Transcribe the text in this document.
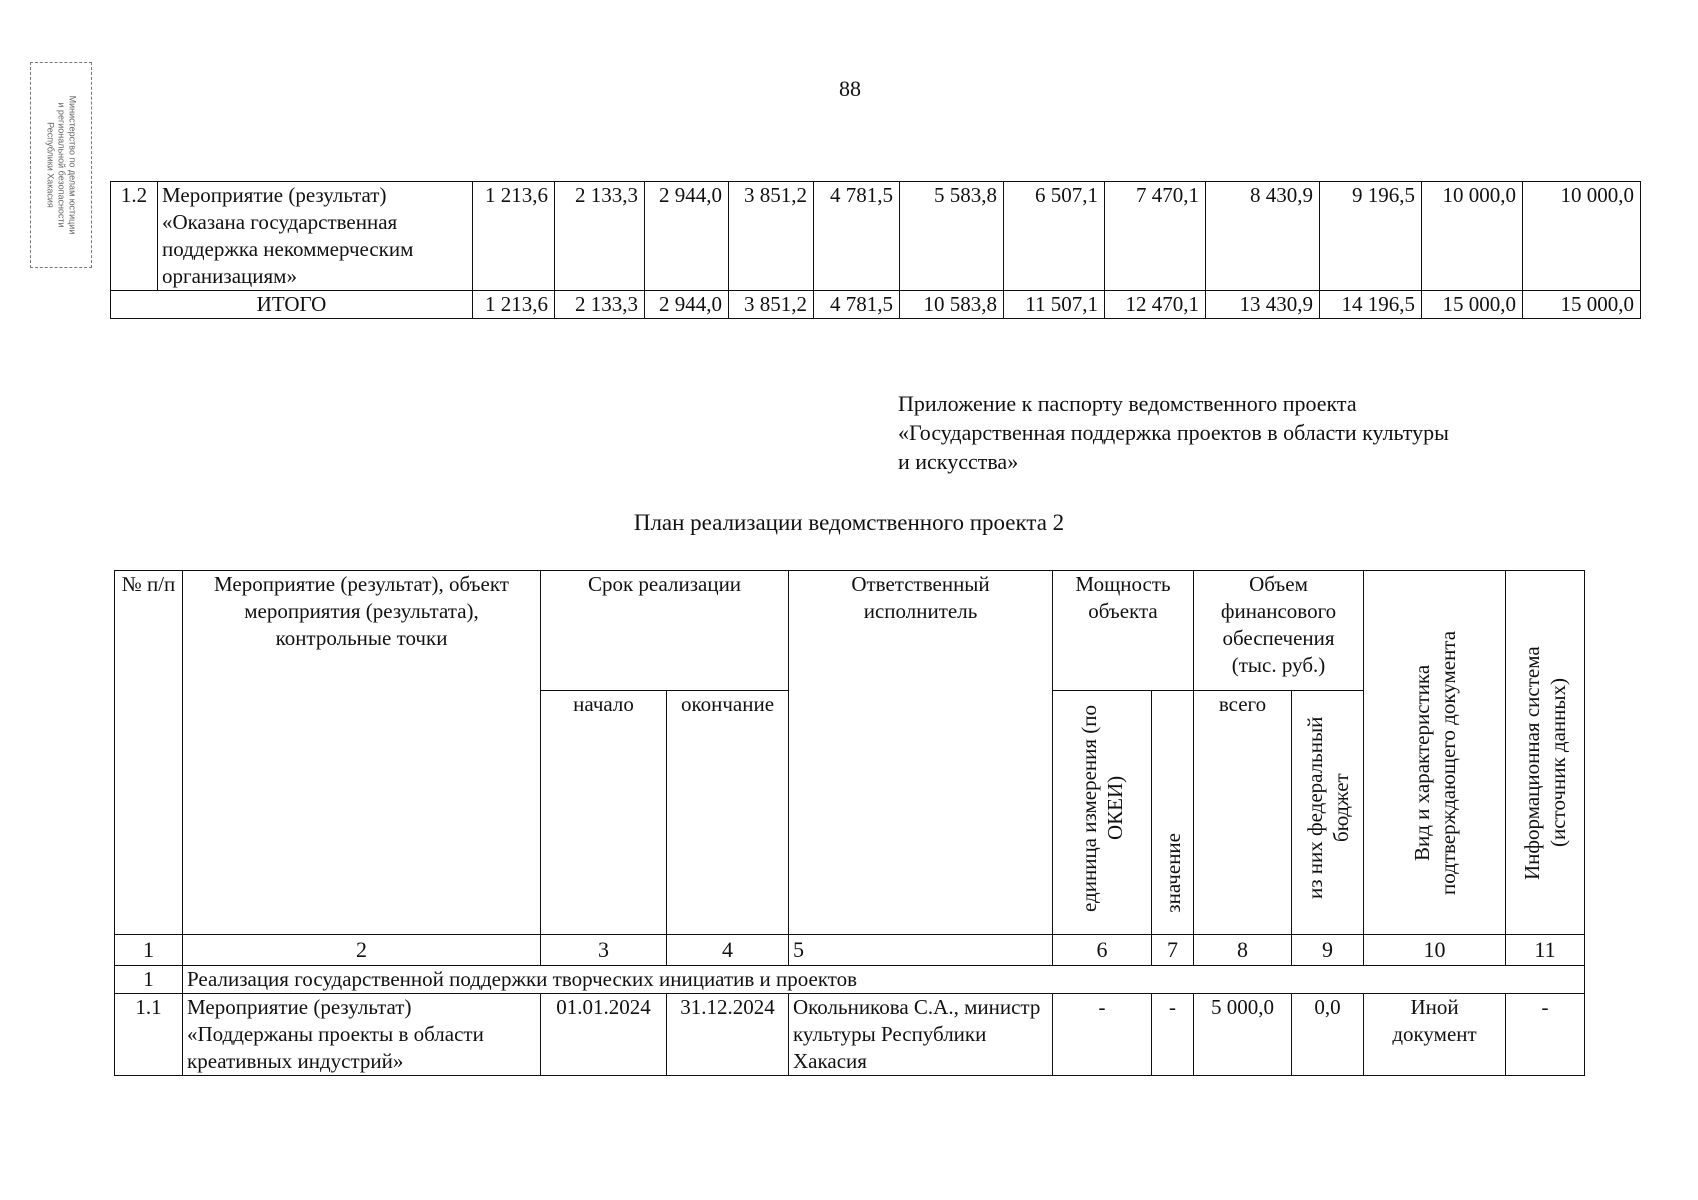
88
Министерство по делам юстиции
и региональной безопасности
Республики Хакасия	1.2	Мероприятие (результат) «Оказана государственная поддержка некоммерческим организациям»	1 213,6	2 133,3	2 944,0	3 851,2	4 781,5	5 583,8	6 507,1	7 470,1	8 430,9	9 196,5	10 000,0	10 000,0
ИТОГО		1 213,6	2 133,3	2 944,0	3 851,2	4 781,5	10 583,8	11 507,1	12 470,1	13 430,9	14 196,5	15 000,0	15 000,0
Приложение к паспорту ведомственного проекта
«Государственная поддержка проектов в области культуры
и искусства»
План реализации ведомственного проекта 2
№ п/п	Мероприятие (результат), объект мероприятия (результата), контрольные точки	Срок реализации		Ответственный исполнитель	Мощность объекта		Объем финансового обеспечения (тыс. руб.)		Вид и характеристика подтверждающего документа	Информационная система (источник данных)
		начало	окончание		единица измерения (по ОКЕИ)	значение	всего	из них федеральный бюджет		
1	2	3	4	5	6	7	8	9	10	11
1	Реализация государственной поддержки творческих инициатив и проектов									
1.1	Мероприятие (результат) «Поддержаны проекты в области креативных индустрий»	01.01.2024	31.12.2024	Окольникова С.А., министр культуры Республики Хакасия	-	-	5 000,0	0,0	Иной документ	-
